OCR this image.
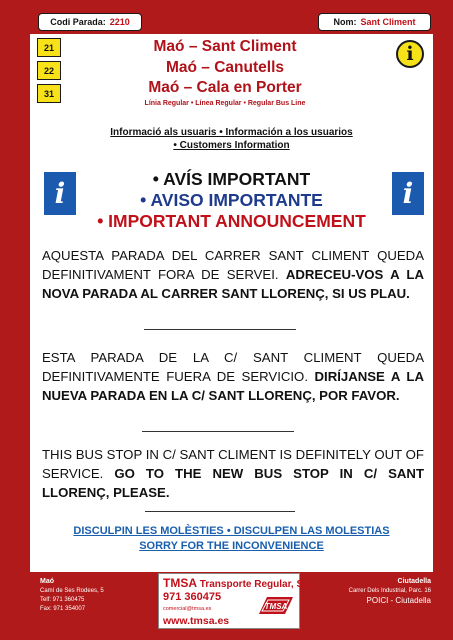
Codi Parada: 2210	Nom: Sant Climent
21
22
31
Maó – Sant Climent
Maó – Canutells
Maó – Cala en Porter
Línia Regular • Línea Regular • Regular Bus Line
i
Informació als usuaris • Información a los usuarios
• Customers Information
i	i
• AVÍS IMPORTANT
• AVISO IMPORTANTE
• IMPORTANT ANNOUNCEMENT
AQUESTA PARADA DEL CARRER SANT CLIMENT QUEDA DEFINITIVAMENT FORA DE SERVEI. ADRECEU-VOS A LA NOVA PARADA AL CARRER SANT LLORENÇ, SI US PLAU.
ESTA PARADA DE LA C/ SANT CLIMENT QUEDA DEFINITIVAMENTE FUERA DE SERVICIO. DIRÍJANSE A LA NUEVA PARADA EN LA C/ SANT LLORENÇ, POR FAVOR.
THIS BUS STOP IN C/ SANT CLIMENT IS DEFINITELY OUT OF SERVICE. GO TO THE NEW BUS STOP IN C/ SANT LLORENÇ, PLEASE.
DISCULPIN LES MOLÈSTIES • DISCULPEN LAS MOLESTIAS
SORRY FOR THE INCONVENIENCE
Maó
Camí de Ses Rodees, 5
Telf: 971 360475
Fax: 971 354007
TMSA Transporte Regular, S.L.
971 360475
comercial@tmsa.es
www.tmsa.es
TMSA
Ciutadella
Carrer Dels Industrial, Parc. 16
POICI - Ciutadella
